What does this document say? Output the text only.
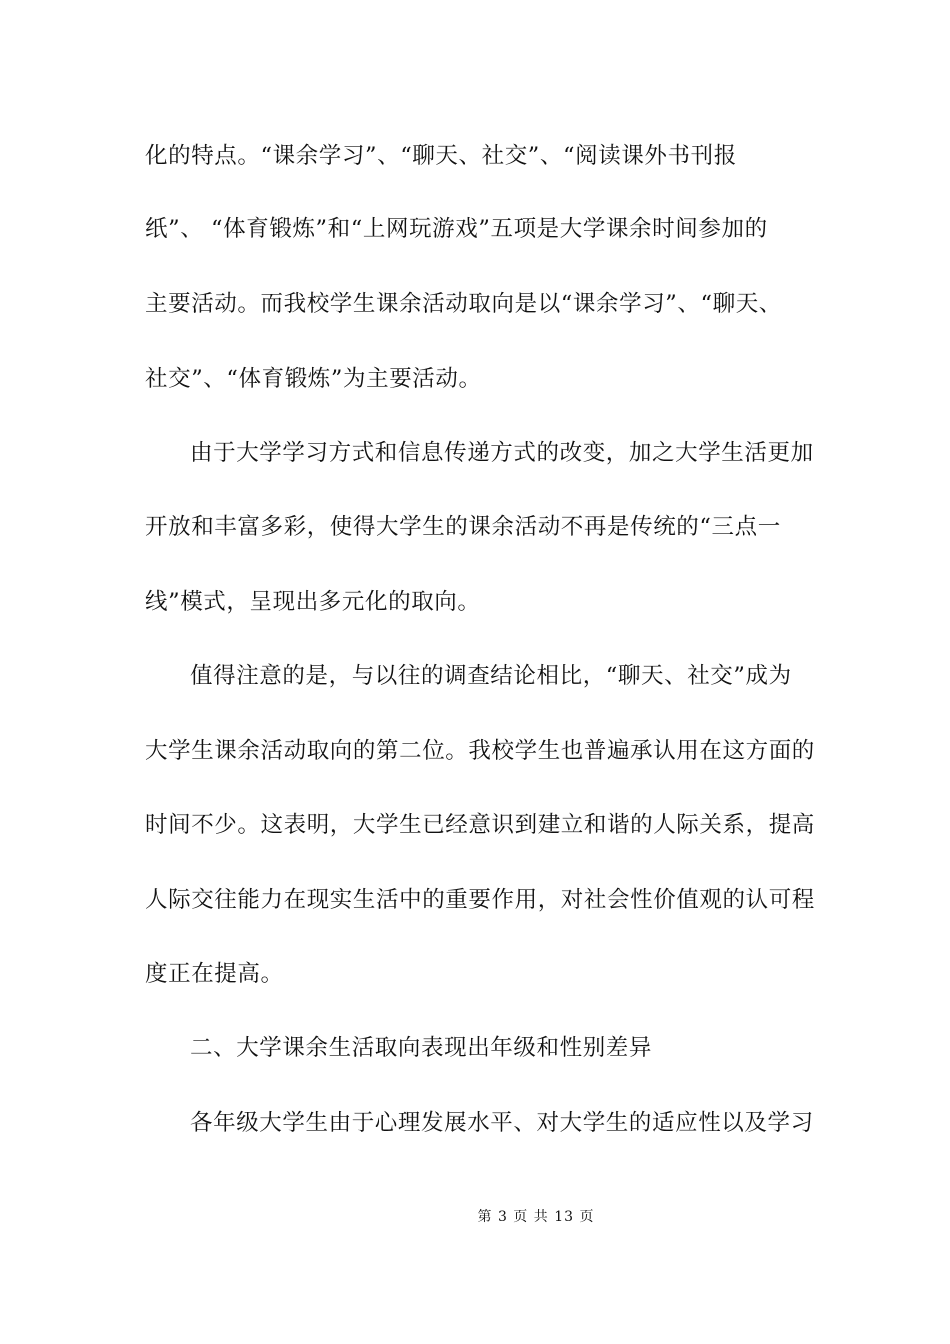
化的特点。“课余学习”、“聊天、社交”、“阅读课外书刊报
纸”、 “体育锻炼”和“上网玩游戏”五项是大学课余时间参加的
主要活动。而我校学生课余活动取向是以“课余学习”、“聊天、
社交”、“体育锻炼”为主要活动。
由于大学学习方式和信息传递方式的改变，加之大学生活更加
开放和丰富多彩，使得大学生的课余活动不再是传统的“三点一
线”模式，呈现出多元化的取向。
值得注意的是，与以往的调查结论相比，“聊天、社交”成为
大学生课余活动取向的第二位。我校学生也普遍承认用在这方面的
时间不少。这表明，大学生已经意识到建立和谐的人际关系，提高
人际交往能力在现实生活中的重要作用，对社会性价值观的认可程
度正在提高。
二、大学课余生活取向表现出年级和性别差异
各年级大学生由于心理发展水平、对大学生的适应性以及学习
第 3 页 共 13 页
